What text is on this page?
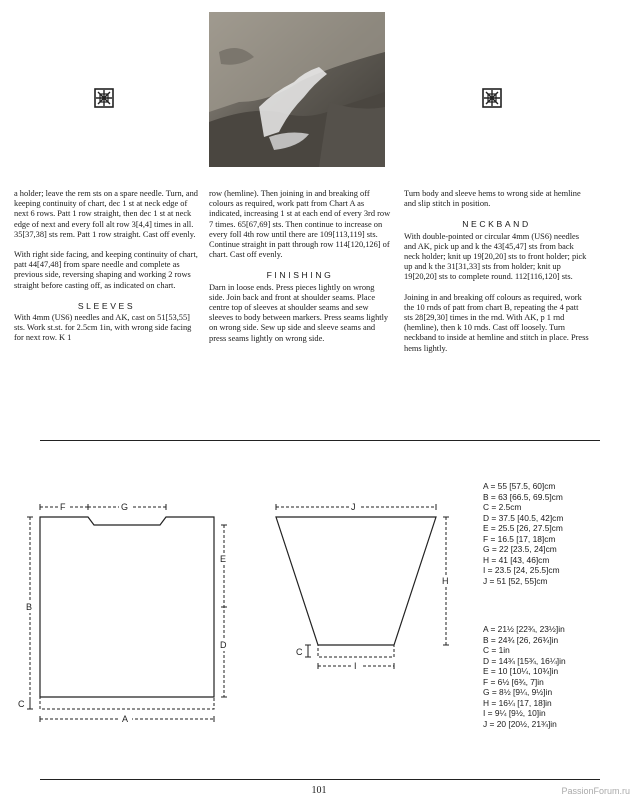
a holder; leave the rem sts on a spare needle. Turn, and keeping continuity of chart, dec 1 st at neck edge of next 6 rows. Patt 1 row straight, then dec 1 st at neck edge of next and every foll alt row 3[4,4] times in all. 35[37,38] sts rem. Patt 1 row straight. Cast off evenly.

With right side facing, and keeping continuity of chart, patt 44[47,48] from spare needle and complete as previous side, reversing shaping and working 2 rows straight before casting off, as indicated on chart.

SLEEVES

With 4mm (US6) needles and AK, cast on 51[53,55] sts. Work st.st. for 2.5cm 1in, with wrong side facing for next row. K 1

row (hemline). Then joining in and breaking off colours as required, work patt from Chart A as indicated, increasing 1 st at each end of every 3rd row 7 times. 65[67,69] sts. Then continue to increase on every foll 4th row until there are 109[113,119] sts. Continue straight in patt through row 114[120,126] of chart. Cast off evenly.

FINISHING

Darn in loose ends. Press pieces lightly on wrong side. Join back and front at shoulder seams. Place centre top of sleeves at shoulder seams and sew sleeves to body between markers. Press seams lightly on wrong side. Sew up side and sleeve seams and press seams lightly on wrong side.

Turn body and sleeve hems to wrong side at hemline and slip stitch in position.

NECKBAND

With double-pointed or circular 4mm (US6) needles and AK, pick up and k the 43[45,47] sts from back neck holder; knit up 19[20,20] sts to front holder; pick up and k the 31[31,33] sts from holder; knit up 19[20,20] sts to complete round. 112[116,120] sts.

Joining in and breaking off colours as required, work the 10 rnds of patt from chart B, repeating the 4 patt sts 28[29,30] times in the rnd. With AK, p 1 rnd (hemline), then k 10 rnds. Cast off loosely. Turn neckband to inside at hemline and stitch in place. Press hems lightly.

F	G
B
C
E
D
A
J
H
C
I
A = 55 [57.5, 60]cm
B = 63 [66.5, 69.5]cm
C = 2.5cm
D = 37.5 [40.5, 42]cm
E = 25.5 [26, 27.5]cm
F = 16.5 [17, 18]cm
G = 22 [23.5, 24]cm
H = 41 [43, 46]cm
I = 23.5 [24, 25.5]cm
J = 51 [52, 55]cm
A = 21½ [22¾, 23½]in
B = 24¾ [26, 26¾]in
C = 1in
D = 14¾ [15¾, 16¼]in
E = 10 [10¼, 10¾]in
F = 6½ [6¾, 7]in
G = 8½ [9¼, 9½]in
H = 16¼ [17, 18]in
I = 9¼ [9½, 10]in
J = 20 [20½, 21¾]in
101	PassionForum.ru
